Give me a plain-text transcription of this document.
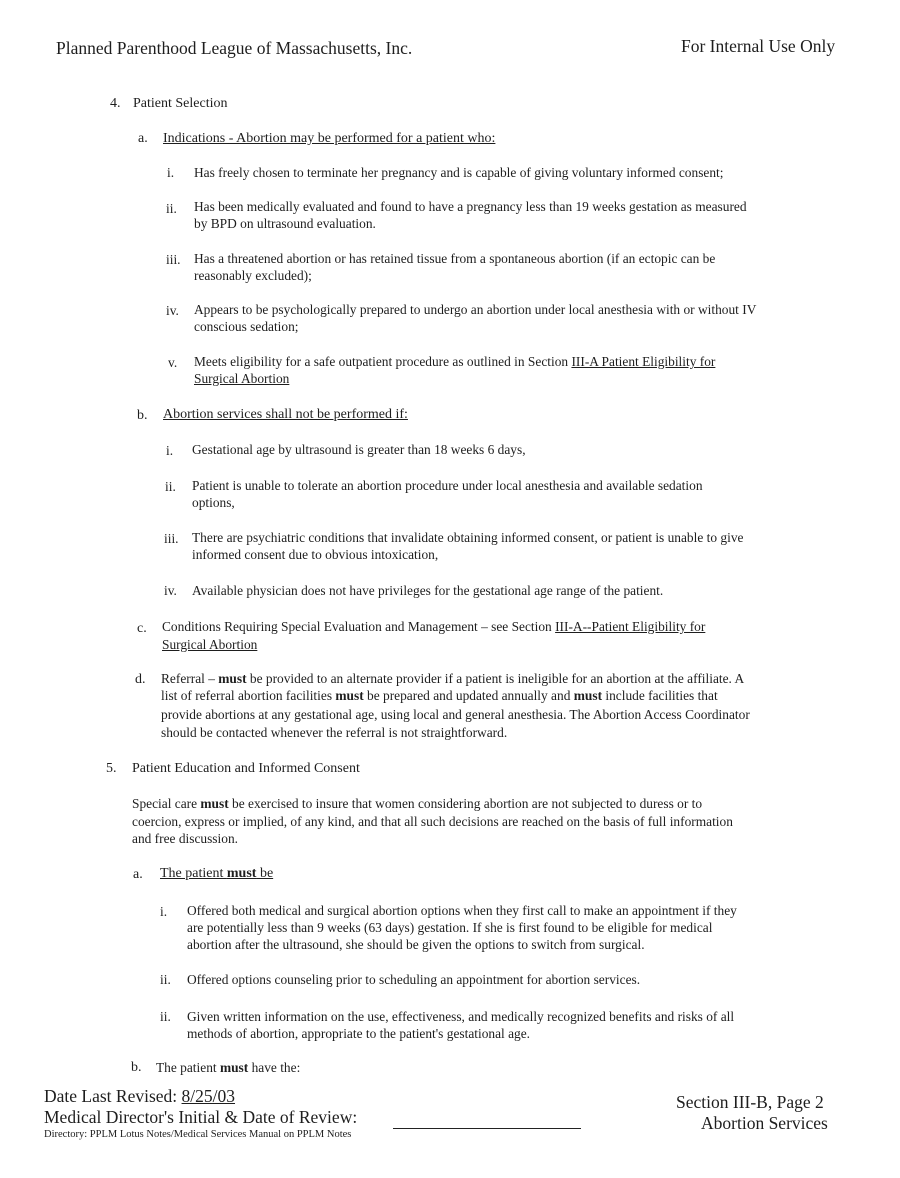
Planned Parenthood League of Massachusetts, Inc.	For Internal Use Only
4. Patient Selection
a. Indications - Abortion may be performed for a patient who:
i. Has freely chosen to terminate her pregnancy and is capable of giving voluntary informed consent;
ii. Has been medically evaluated and found to have a pregnancy less than 19 weeks gestation as measured
by BPD on ultrasound evaluation.
iii. Has a threatened abortion or has retained tissue from a spontaneous abortion (if an ectopic can be
reasonably excluded);
iv. Appears to be psychologically prepared to undergo an abortion under local anesthesia with or without IV
conscious sedation;
v. Meets eligibility for a safe outpatient procedure as outlined in Section III-A Patient Eligibility for
Surgical Abortion
b. Abortion services shall not be performed if:
i. Gestational age by ultrasound is greater than 18 weeks 6 days,
ii. Patient is unable to tolerate an abortion procedure under local anesthesia and available sedation
options,
iii. There are psychiatric conditions that invalidate obtaining informed consent, or patient is unable to give
informed consent due to obvious intoxication,
iv. Available physician does not have privileges for the gestational age range of the patient.
c. Conditions Requiring Special Evaluation and Management – see Section III-A--Patient Eligibility for
Surgical Abortion
d. Referral – must be provided to an alternate provider if a patient is ineligible for an abortion at the affiliate. A
list of referral abortion facilities must be prepared and updated annually and must include facilities that
provide abortions at any gestational age, using local and general anesthesia. The Abortion Access Coordinator
should be contacted whenever the referral is not straightforward.
5. Patient Education and Informed Consent
Special care must be exercised to insure that women considering abortion are not subjected to duress or to
coercion, express or implied, of any kind, and that all such decisions are reached on the basis of full information
and free discussion.
a. The patient must be
i. Offered both medical and surgical abortion options when they first call to make an appointment if they
are potentially less than 9 weeks (63 days) gestation. If she is first found to be eligible for medical
abortion after the ultrasound, she should be given the options to switch from surgical.
ii. Offered options counseling prior to scheduling an appointment for abortion services.
ii. Given written information on the use, effectiveness, and medically recognized benefits and risks of all
methods of abortion, appropriate to the patient's gestational age.
b. The patient must have the:
Date Last Revised: 8/25/03
Medical Director's Initial & Date of Review:
Directory: PPLM Lotus Notes/Medical Services Manual on PPLM Notes
Section III-B, Page 2
Abortion Services
